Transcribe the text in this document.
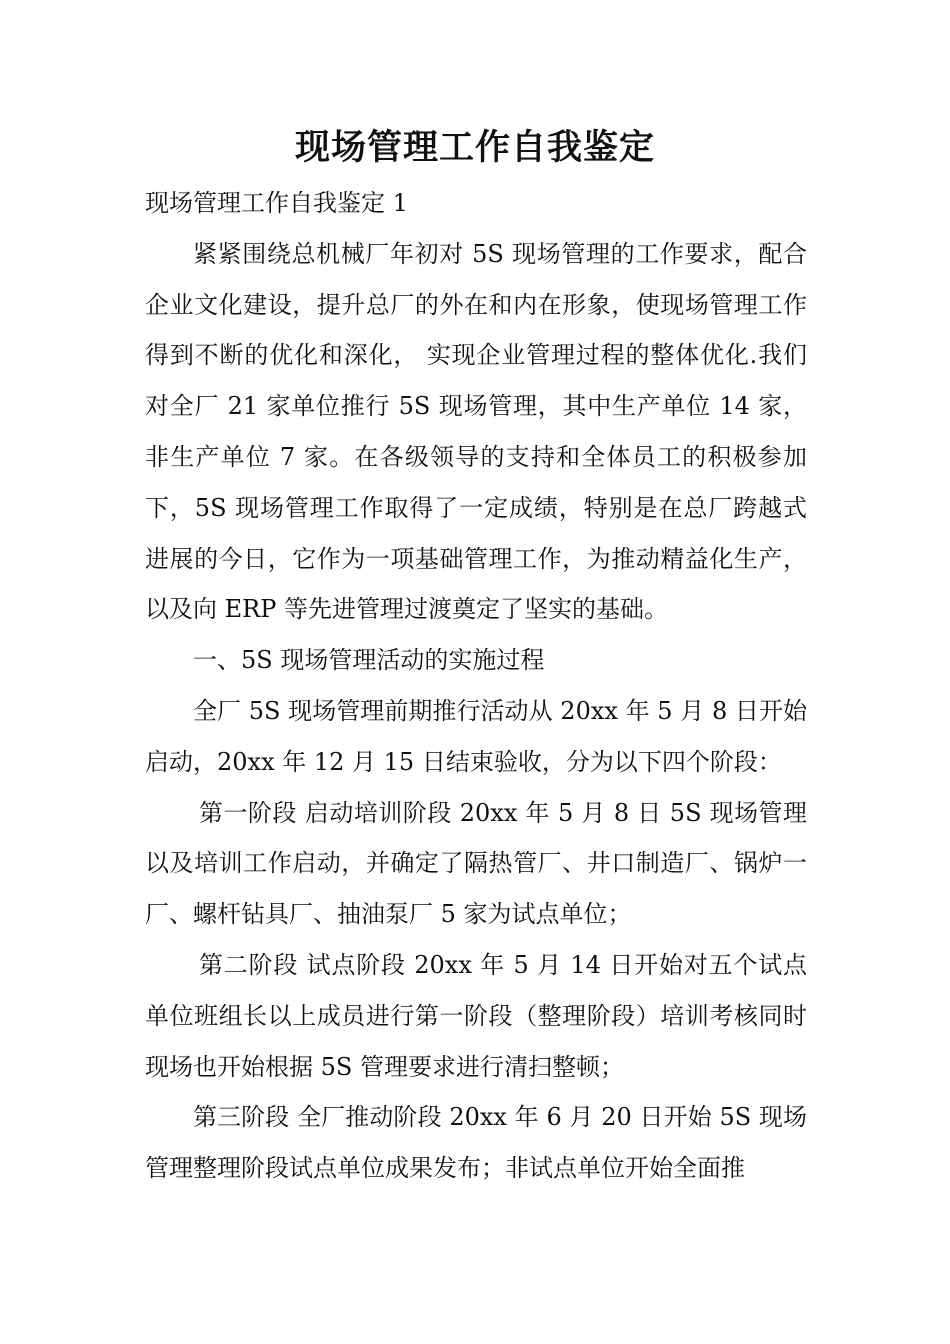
现场管理工作自我鉴定

现场管理工作自我鉴定 1

紧紧围绕总机械厂年初对 5S 现场管理的工作要求，配合企业文化建设，提升总厂的外在和内在形象，使现场管理工作得到不断的优化和深化， 实现企业管理过程的整体优化.我们对全厂 21 家单位推行 5S 现场管理，其中生产单位 14 家，非生产单位 7 家。在各级领导的支持和全体员工的积极参加下，5S 现场管理工作取得了一定成绩，特别是在总厂跨越式进展的今日，它作为一项基础管理工作，为推动精益化生产，以及向 ERP 等先进管理过渡奠定了坚实的基础。

一、5S 现场管理活动的实施过程

全厂 5S 现场管理前期推行活动从 20xx 年 5 月 8 日开始启动，20xx 年 12 月 15 日结束验收，分为以下四个阶段：

第一阶段 启动培训阶段 20xx 年 5 月 8 日 5S 现场管理以及培训工作启动，并确定了隔热管厂、井口制造厂、锅炉一厂、螺杆钻具厂、抽油泵厂 5 家为试点单位；

第二阶段 试点阶段 20xx 年 5 月 14 日开始对五个试点单位班组长以上成员进行第一阶段（整理阶段）培训考核同时现场也开始根据 5S 管理要求进行清扫整顿；

第三阶段 全厂推动阶段 20xx 年 6 月 20 日开始 5S 现场管理整理阶段试点单位成果发布；非试点单位开始全面推
